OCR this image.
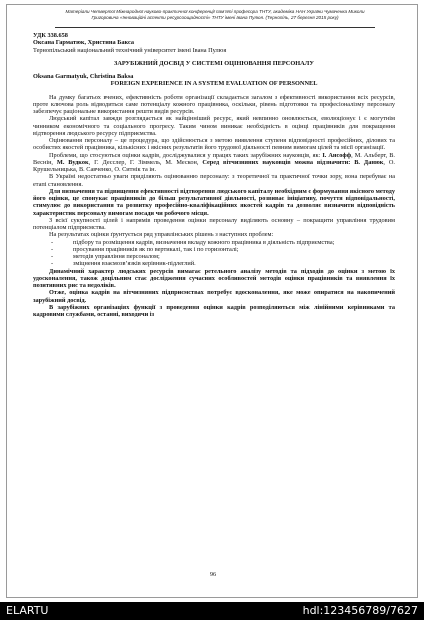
Матеріали Четвертої Міжнародної науково-практичної конференції пам’яті професора ТНТУ, академіка НАН України Чумаченка Миколи Григоровича «Інноваційні аспекти ресурсоощадності» ТНТУ імені Івана Пулюя. (Тернопіль, 27 березня 2015 року)
УДК 338.658
Оксана Гарматюк, Христина Бакса
Тернопільський національний технічний університет імені Івана Пулюя
ЗАРУБІЖНИЙ ДОСВІД У СИСТЕМІ ОЦІНЮВАННЯ ПЕРСОНАЛУ
Oksana Garmatyuk, Christina Baksa
FOREIGN EXPERIENCE IN A SYSTEM EVALUATION OF PERSONNEL

На думку багатьох вчених, ефективність роботи організації складається загалом з ефективності використання всіх ресурсів, проте ключова роль відводиться саме потенціалу кожного працівника, оскільки, рівень підготовки та професіоналізму персоналу забезпечує раціональне використання решти видів ресурсів.

Людський капітал завжди розглядається як найцінніший ресурс, який невпинно оновлюється, еволюціонує і є могутнім чинником економічного та соціального прогресу. Таким чином виникає необхідність в оцінці працівників для покращення відтворення людського ресурсу підприємства.

Оцінювання персоналу – це процедура, що здійснюється з метою виявлення ступеня відповідності професійних, ділових та особистих якостей працівника, кількісних і якісних результатів його трудової діяльності певним вимогам цілей та місії організації.

Проблеми, що стосуються оцінки кадрів, досліджувалися у працях таких зарубіжних науковців, як: І. Ансофф, М. Альберт, В. Веснін, М. Вудкок, Г. Десслер, Г. Зіммель, М. Мескон, Серед вітчизняних науковців можна відзначити: В. Данюк, О. Крушельницька, В. Савченко, О. Ситнік та ін.

В Україні недостатньо уваги приділяють оцінюванню персоналу: з теоретичної та практичної точки зору, вона перебуває на етапі становлення.

Для визначення та підвищення ефективності відтворення людського капіталу необхідним є формування якісного методу його оцінки, це спонукає працівників до більш результативної діяльності, розвиває ініціативу, почуття відповідальності, стимулює до використання та розвитку професійно-кваліфікаційних якостей кадрів та дозволяє визначити відповідність характеристик персоналу вимогам посади чи робочого місця.

З всієї сукупності цілей і напрямів проведення оцінки персоналу виділяють основну – покращити управління трудовим потенціалом підприємства.

На результатах оцінки ґрунтується ряд управлінських рішень з наступних проблем:

- підбору та розміщення кадрів, визначення вкладу кожного працівника в діяльність підприємства;
- просування працівників як по вертикалі, так і по горизонталі;
- методів управління персоналом;
- зміцнення взаємозв’язків керівник-підлеглий.

Динамічний характер людських ресурсів вимагає ретельного аналізу методів та підходів до оцінки з метою їх удосконалення, також доцільним стає дослідження сучасних особливостей методів оцінки працівників та виявлення їх позитивних рис та недоліків.

Отже, оцінка кадрів на вітчизняних підприємствах потребує вдосконалення, яке може опиратися на накопичений зарубіжний досвід.

В зарубіжних організаціях функції з проведення оцінки кадрів розподіляються між лінійними керівниками та кадровими службами, останні, виходячи із

96
ELARTU	hdl:123456789/7627
